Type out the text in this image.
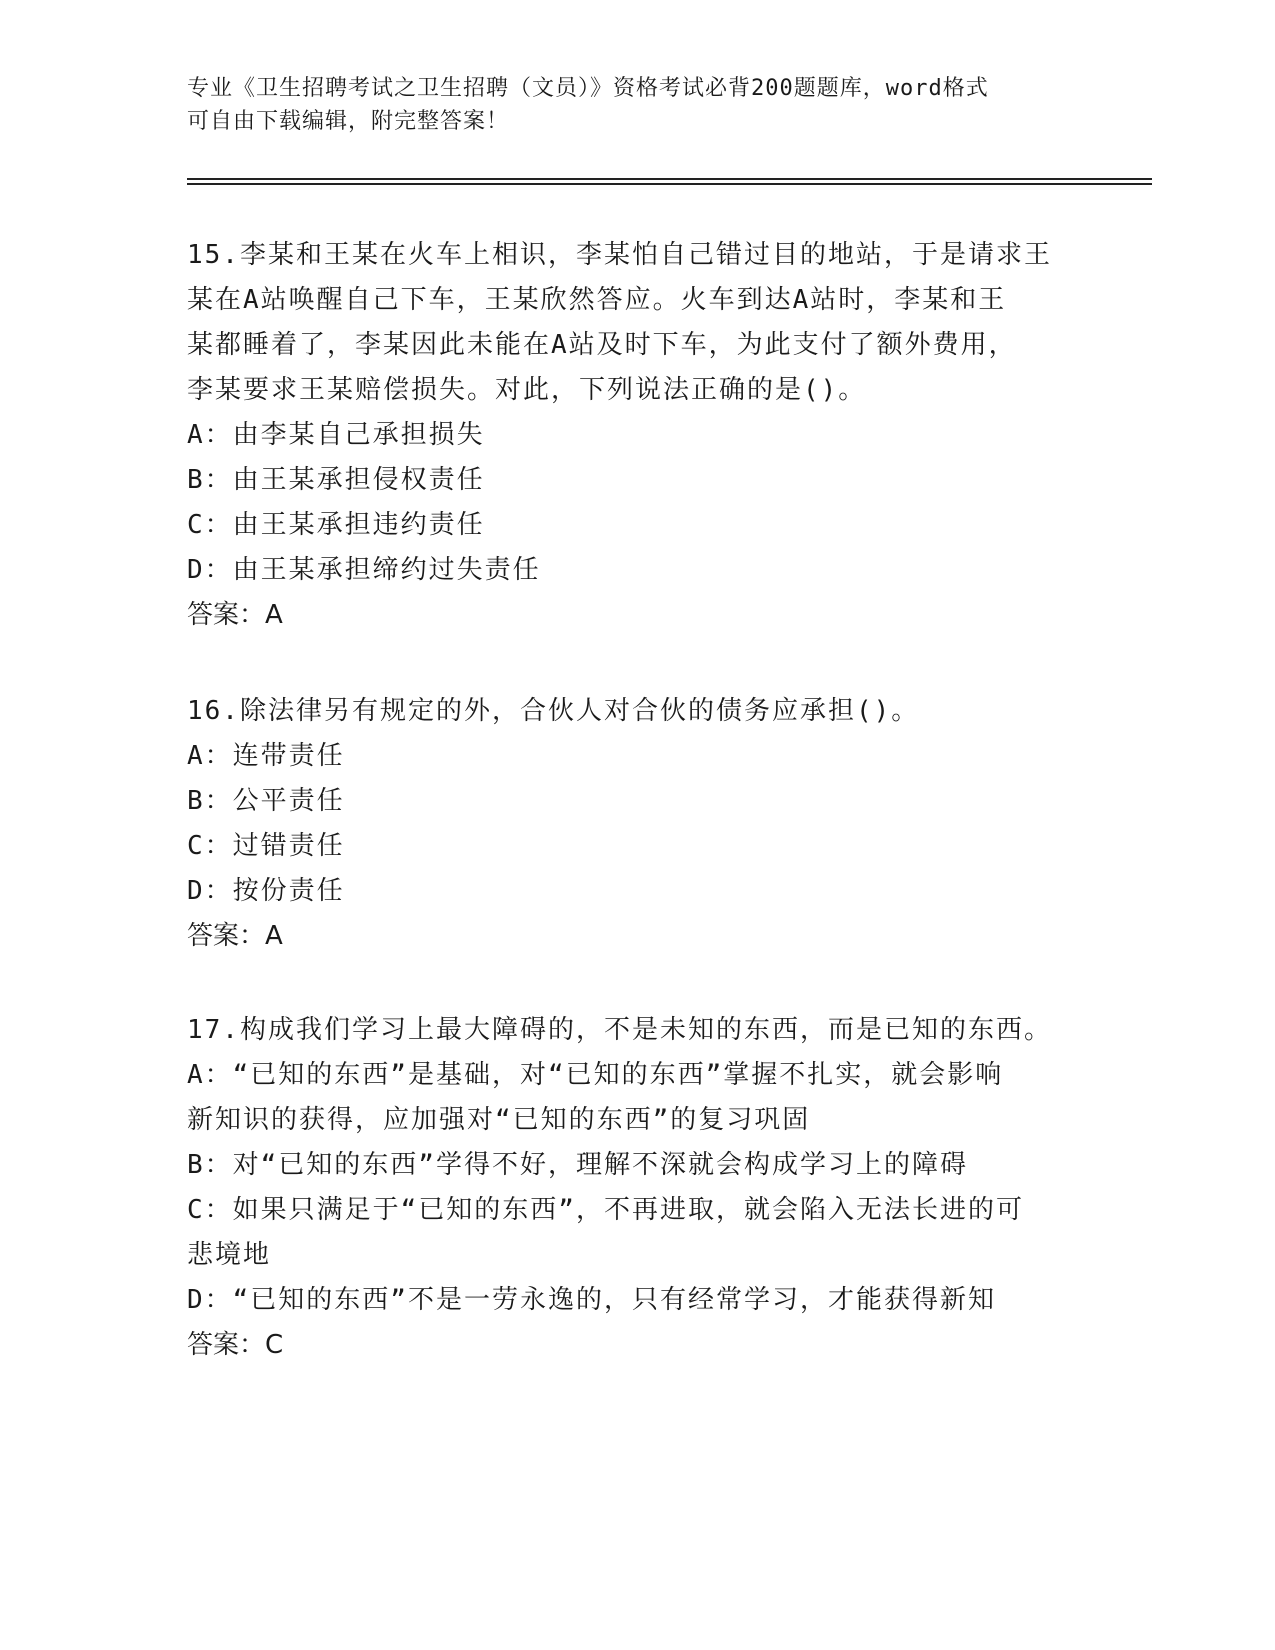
专业《卫生招聘考试之卫生招聘（文员）》资格考试必背200题题库，word格式

可自由下载编辑，附完整答案！

15.李某和王某在火车上相识，李某怕自己错过目的地站，于是请求王

某在A站唤醒自己下车，王某欣然答应。火车到达A站时，李某和王

某都睡着了，李某因此未能在A站及时下车，为此支付了额外费用，

李某要求王某赔偿损失。对此，下列说法正确的是()。

A：由李某自己承担损失

B：由王某承担侵权责任

C：由王某承担违约责任

D：由王某承担缔约过失责任

答案：A

16.除法律另有规定的外，合伙人对合伙的债务应承担()。

A：连带责任

B：公平责任

C：过错责任

D：按份责任

答案：A

17.构成我们学习上最大障碍的，不是未知的东西，而是已知的东西。

A：“已知的东西”是基础，对“已知的东西”掌握不扎实，就会影响

新知识的获得，应加强对“已知的东西”的复习巩固

B：对“已知的东西”学得不好，理解不深就会构成学习上的障碍

C：如果只满足于“已知的东西”，不再进取，就会陷入无法长进的可

悲境地

D：“已知的东西”不是一劳永逸的，只有经常学习，才能获得新知

答案：C
